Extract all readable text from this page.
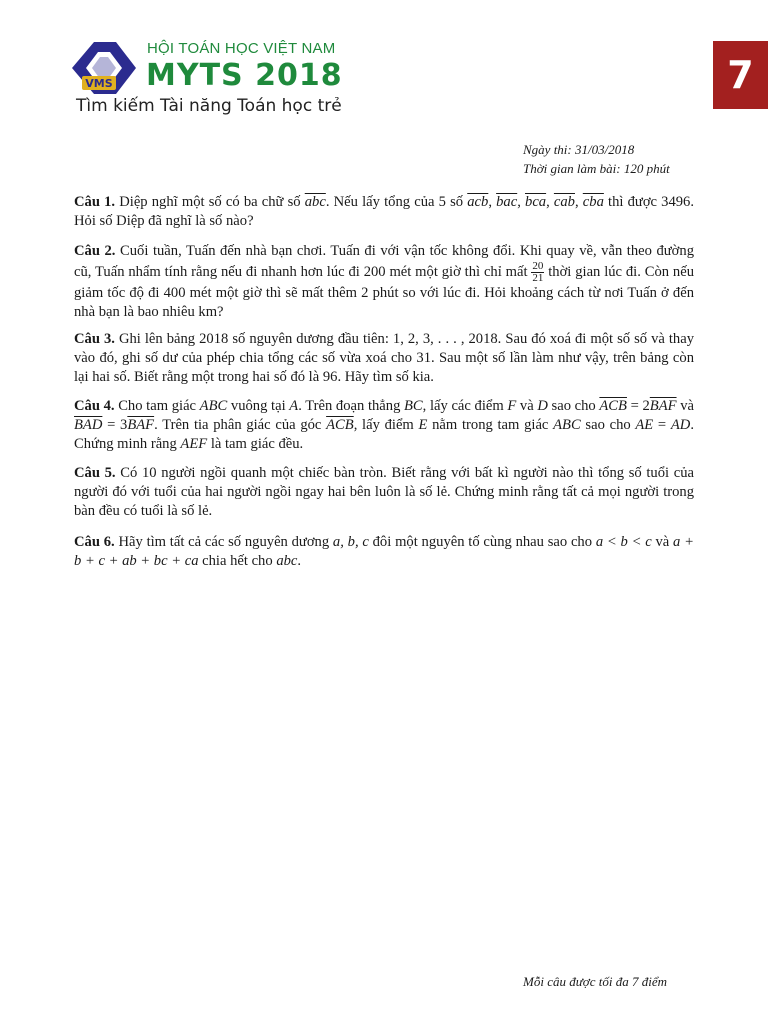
VMS
HỘI TOÁN HỌC VIỆT NAM
MYTS 2018
Tìm kiếm Tài năng Toán học trẻ
7
Ngày thi: 31/03/2018
Thời gian làm bài: 120 phút
Câu 1. Diệp nghĩ một số có ba chữ số $\overline{abc}$. Nếu lấy tổng của 5 số $\overline{acb}$, $\overline{bac}$, $\overline{bca}$, $\overline{cab}$, $\overline{cba}$ thì được 3496. Hỏi số Diệp đã nghĩ là số nào?
Câu 2. Cuối tuần, Tuấn đến nhà bạn chơi. Tuấn đi với vận tốc không đổi. Khi quay về, vẫn theo đường cũ, Tuấn nhẩm tính rằng nếu đi nhanh hơn lúc đi 200 mét một giờ thì chỉ mất $\frac{20}{21}$ thời gian lúc đi. Còn nếu giảm tốc độ đi 400 mét một giờ thì sẽ mất thêm 2 phút so với lúc đi. Hỏi khoảng cách từ nơi Tuấn ở đến nhà bạn là bao nhiêu km?
Câu 3. Ghi lên bảng 2018 số nguyên dương đầu tiên: 1, 2, 3, . . . , 2018. Sau đó xoá đi một số số và thay vào đó, ghi số dư của phép chia tổng các số vừa xoá cho 31. Sau một số lần làm như vậy, trên bảng còn lại hai số. Biết rằng một trong hai số đó là 96. Hãy tìm số kia.
Câu 4. Cho tam giác ABC vuông tại A. Trên đoạn thẳng BC, lấy các điểm F và D sao cho $\overline{ACB} = 2\overline{BAF}$ và $\overline{BAD} = 3\overline{BAF}$. Trên tia phân giác của góc $\overline{ACB}$, lấy điểm E nằm trong tam giác ABC sao cho AE = AD. Chứng minh rằng AEF là tam giác đều.
Câu 5. Có 10 người ngồi quanh một chiếc bàn tròn. Biết rằng với bất kì người nào thì tổng số tuổi của người đó với tuổi của hai người ngồi ngay hai bên luôn là số lẻ. Chứng minh rằng tất cả mọi người trong bàn đều có tuổi là số lẻ.
Câu 6. Hãy tìm tất cả các số nguyên dương a, b, c đôi một nguyên tố cùng nhau sao cho a < b < c và a + b + c + ab + bc + ca chia hết cho abc.
Mỗi câu được tối đa 7 điểm
